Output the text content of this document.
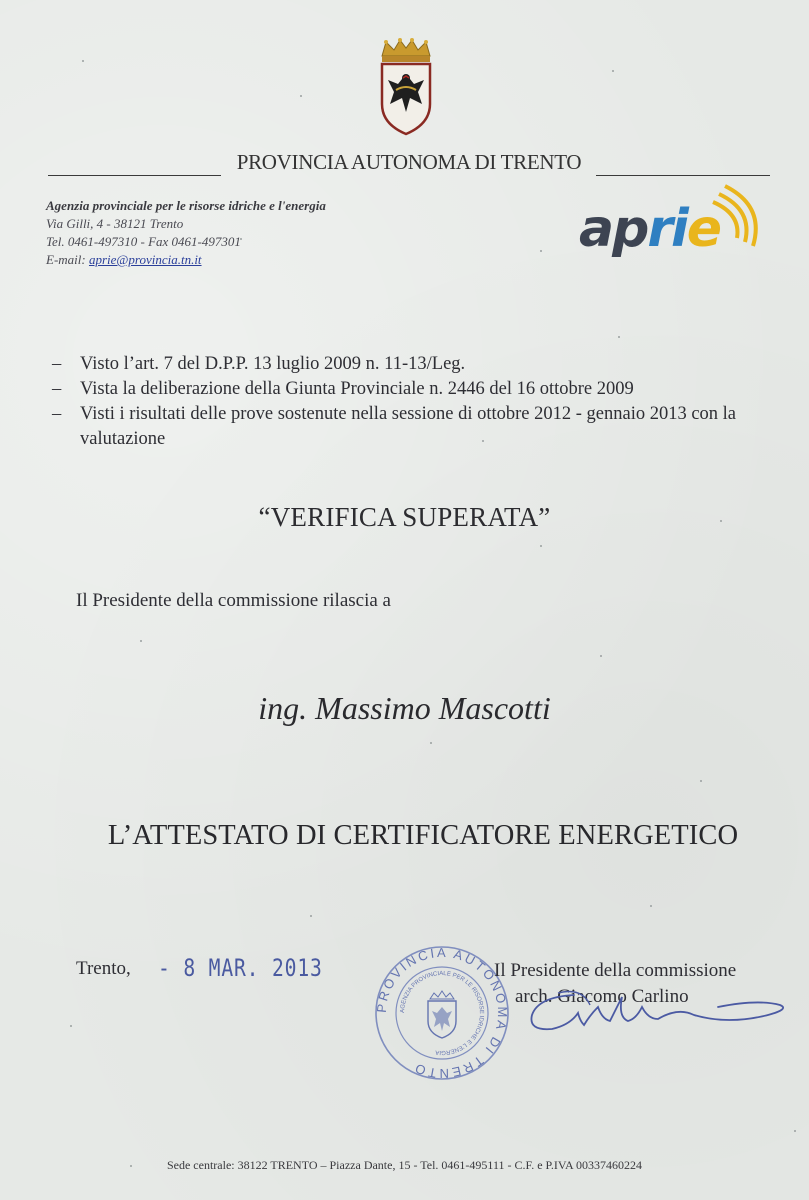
PROVINCIA AUTONOMA DI TRENTO
Agenzia provinciale per le risorse idriche e l'energia
Via Gilli, 4 - 38121 Trento
Tel. 0461-497310 - Fax 0461-497301
E-mail: aprie@provincia.tn.it
aprie
– Visto l’art. 7 del D.P.P. 13 luglio 2009 n. 11-13/Leg.
– Vista la deliberazione della Giunta Provinciale n. 2446 del 16 ottobre 2009
– Visti i risultati delle prove sostenute nella sessione di ottobre 2012 - gennaio 2013 con la valutazione
“VERIFICA SUPERATA”
Il Presidente della commissione rilascia a
ing. Massimo Mascotti
L’ATTESTATO DI CERTIFICATORE ENERGETICO
Trento, - 8 MAR. 2013
PROVINCIA AUTONOMA DI TRENTO
AGENZIA PROVINCIALE PER LE RISORSE IDRICHE E L'ENERGIA
Il Presidente della commissione
arch. Giacomo Carlino
Sede centrale: 38122 TRENTO – Piazza Dante, 15 - Tel. 0461-495111 - C.F. e P.IVA 00337460224
